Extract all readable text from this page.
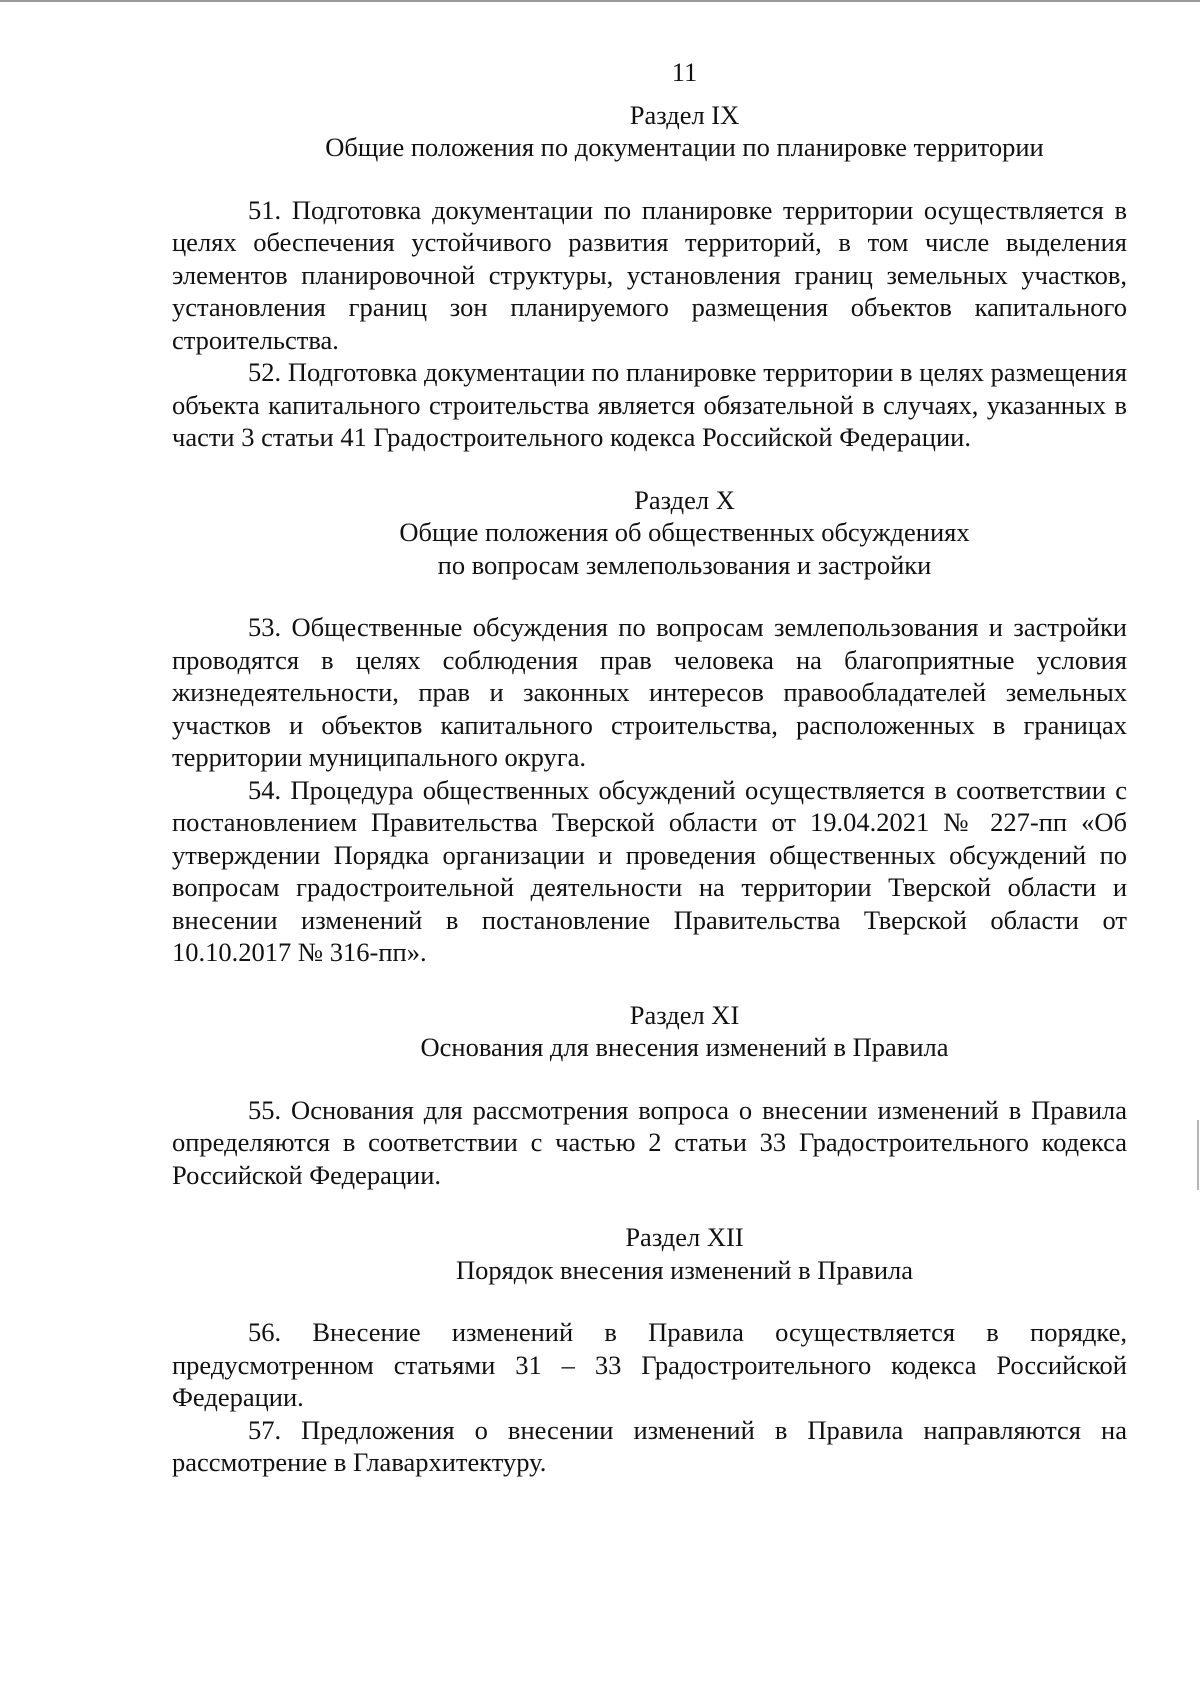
11
Раздел IX
Общие положения по документации по планировке территории

51. Подготовка документации по планировке территории осуществляется в целях обеспечения устойчивого развития территорий, в том числе выделения элементов планировочной структуры, установления границ земельных участков, установления границ зон планируемого размещения объектов капитального строительства.

52. Подготовка документации по планировке территории в целях размещения объекта капитального строительства является обязательной в случаях, указанных в части 3 статьи 41 Градостроительного кодекса Российской Федерации.

Раздел X
Общие положения об общественных обсуждениях
по вопросам землепользования и застройки

53. Общественные обсуждения по вопросам землепользования и застройки проводятся в целях соблюдения прав человека на благоприятные условия жизнедеятельности, прав и законных интересов правообладателей земельных участков и объектов капитального строительства, расположенных в границах территории муниципального округа.

54. Процедура общественных обсуждений осуществляется в соответствии с постановлением Правительства Тверской области от 19.04.2021 № 227-пп «Об утверждении Порядка организации и проведения общественных обсуждений по вопросам градостроительной деятельности на территории Тверской области и внесении изменений в постановление Правительства Тверской области от 10.10.2017 № 316-пп».

Раздел XI
Основания для внесения изменений в Правила

55. Основания для рассмотрения вопроса о внесении изменений в Правила определяются в соответствии с частью 2 статьи 33 Градостроительного кодекса Российской Федерации.

Раздел XII
Порядок внесения изменений в Правила

56. Внесение изменений в Правила осуществляется в порядке, предусмотренном статьями 31 – 33 Градостроительного кодекса Российской Федерации.

57. Предложения о внесении изменений в Правила направляются на рассмотрение в Главархитектуру.
